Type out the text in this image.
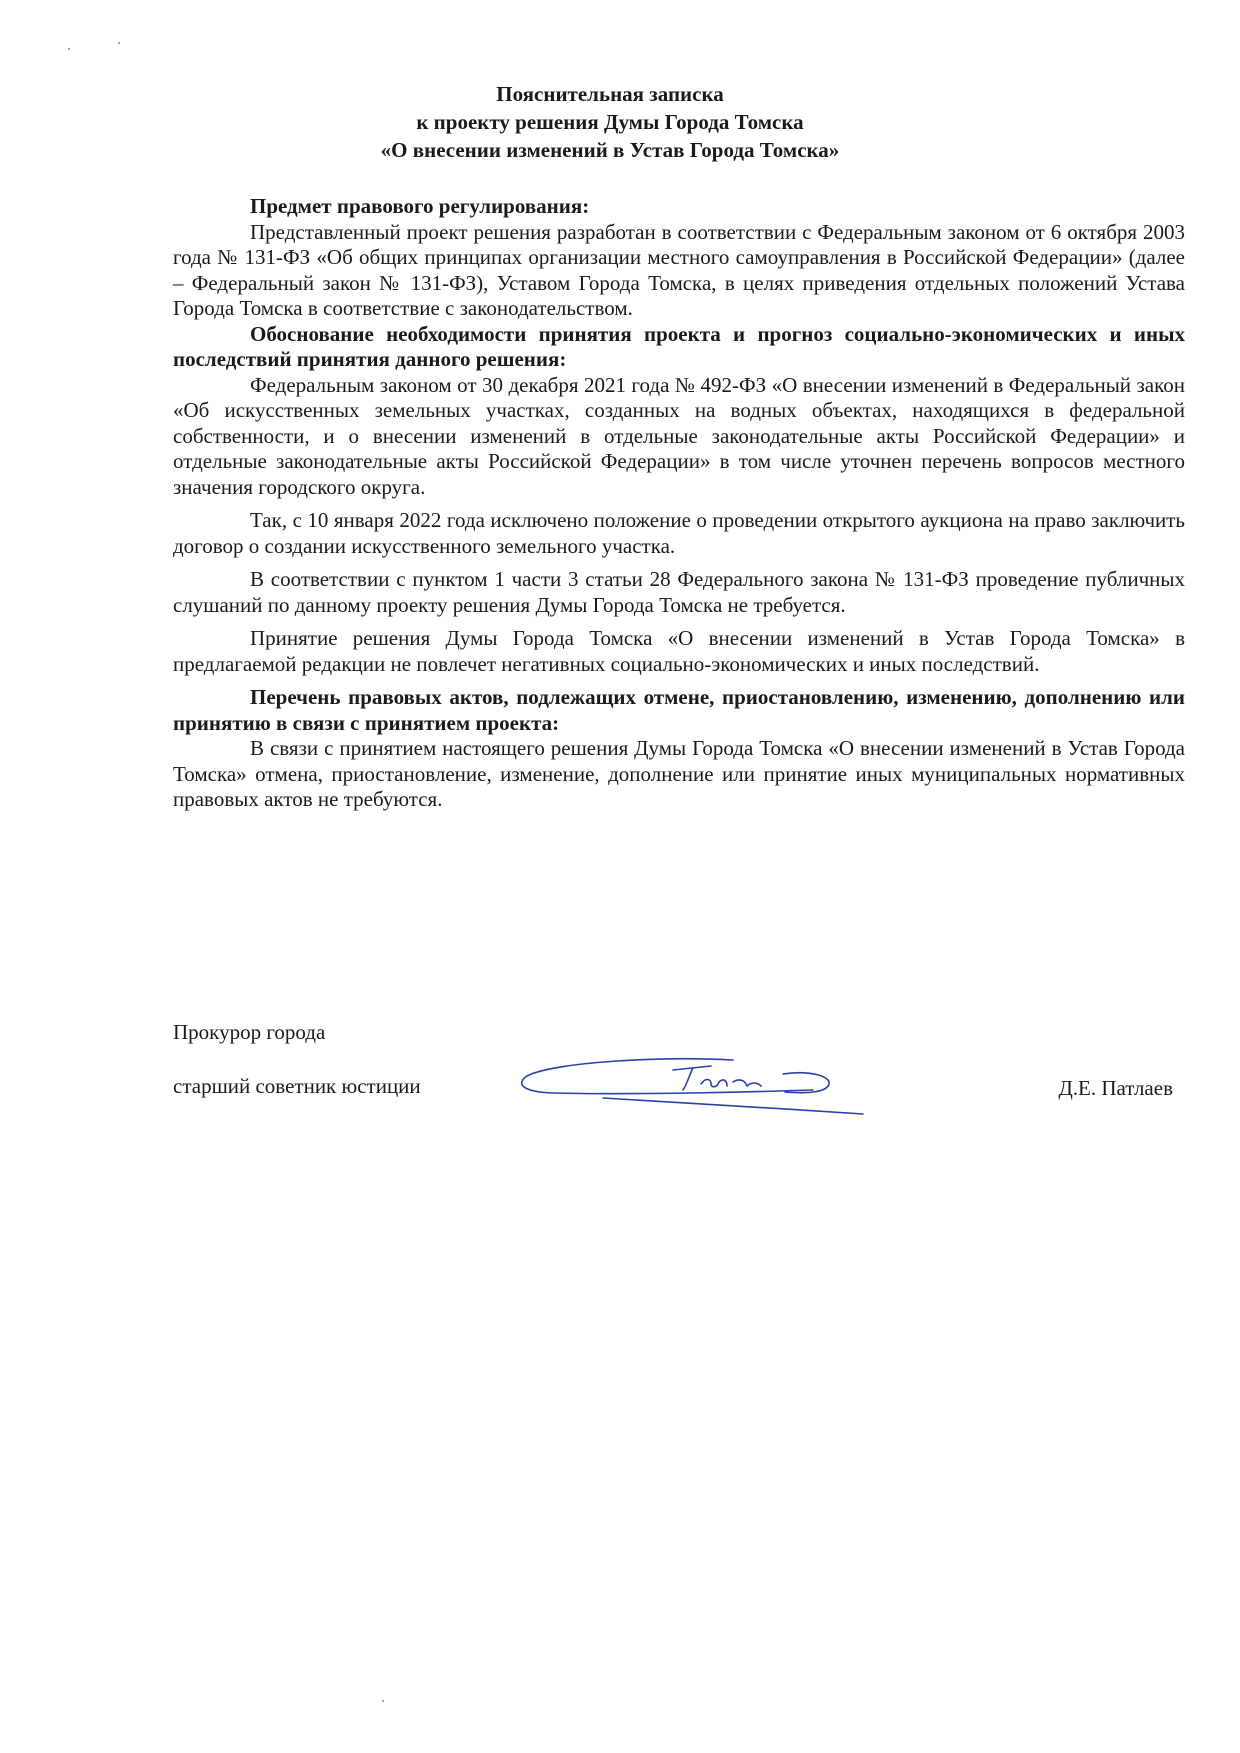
Пояснительная записка
к проекту решения Думы Города Томска
«О внесении изменений в Устав Города Томска»

Предмет правового регулирования:

Представленный проект решения разработан в соответствии с Федеральным законом от 6 октября 2003 года № 131-ФЗ «Об общих принципах организации местного самоуправления в Российской Федерации» (далее – Федеральный закон № 131-ФЗ), Уставом Города Томска, в целях приведения отдельных положений Устава Города Томска в соответствие с законодательством.

Обоснование необходимости принятия проекта и прогноз социально-экономических и иных последствий принятия данного решения:

Федеральным законом от 30 декабря 2021 года № 492-ФЗ «О внесении изменений в Федеральный закон «Об искусственных земельных участках, созданных на водных объектах, находящихся в федеральной собственности, и о внесении изменений в отдельные законодательные акты Российской Федерации» и отдельные законодательные акты Российской Федерации» в том числе уточнен перечень вопросов местного значения городского округа.

Так, с 10 января 2022 года исключено положение о проведении открытого аукциона на право заключить договор о создании искусственного земельного участка.

В соответствии с пунктом 1 части 3 статьи 28 Федерального закона № 131-ФЗ проведение публичных слушаний по данному проекту решения Думы Города Томска не требуется.

Принятие решения Думы Города Томска «О внесении изменений в Устав Города Томска» в предлагаемой редакции не повлечет негативных социально-экономических и иных последствий.

Перечень правовых актов, подлежащих отмене, приостановлению, изменению, дополнению или принятию в связи с принятием проекта:

В связи с принятием настоящего решения Думы Города Томска «О внесении изменений в Устав Города Томска» отмена, приостановление, изменение, дополнение или принятие иных муниципальных нормативных правовых актов не требуются.

Прокурор города
старший советник юстиции	Д.Е. Патлаев
